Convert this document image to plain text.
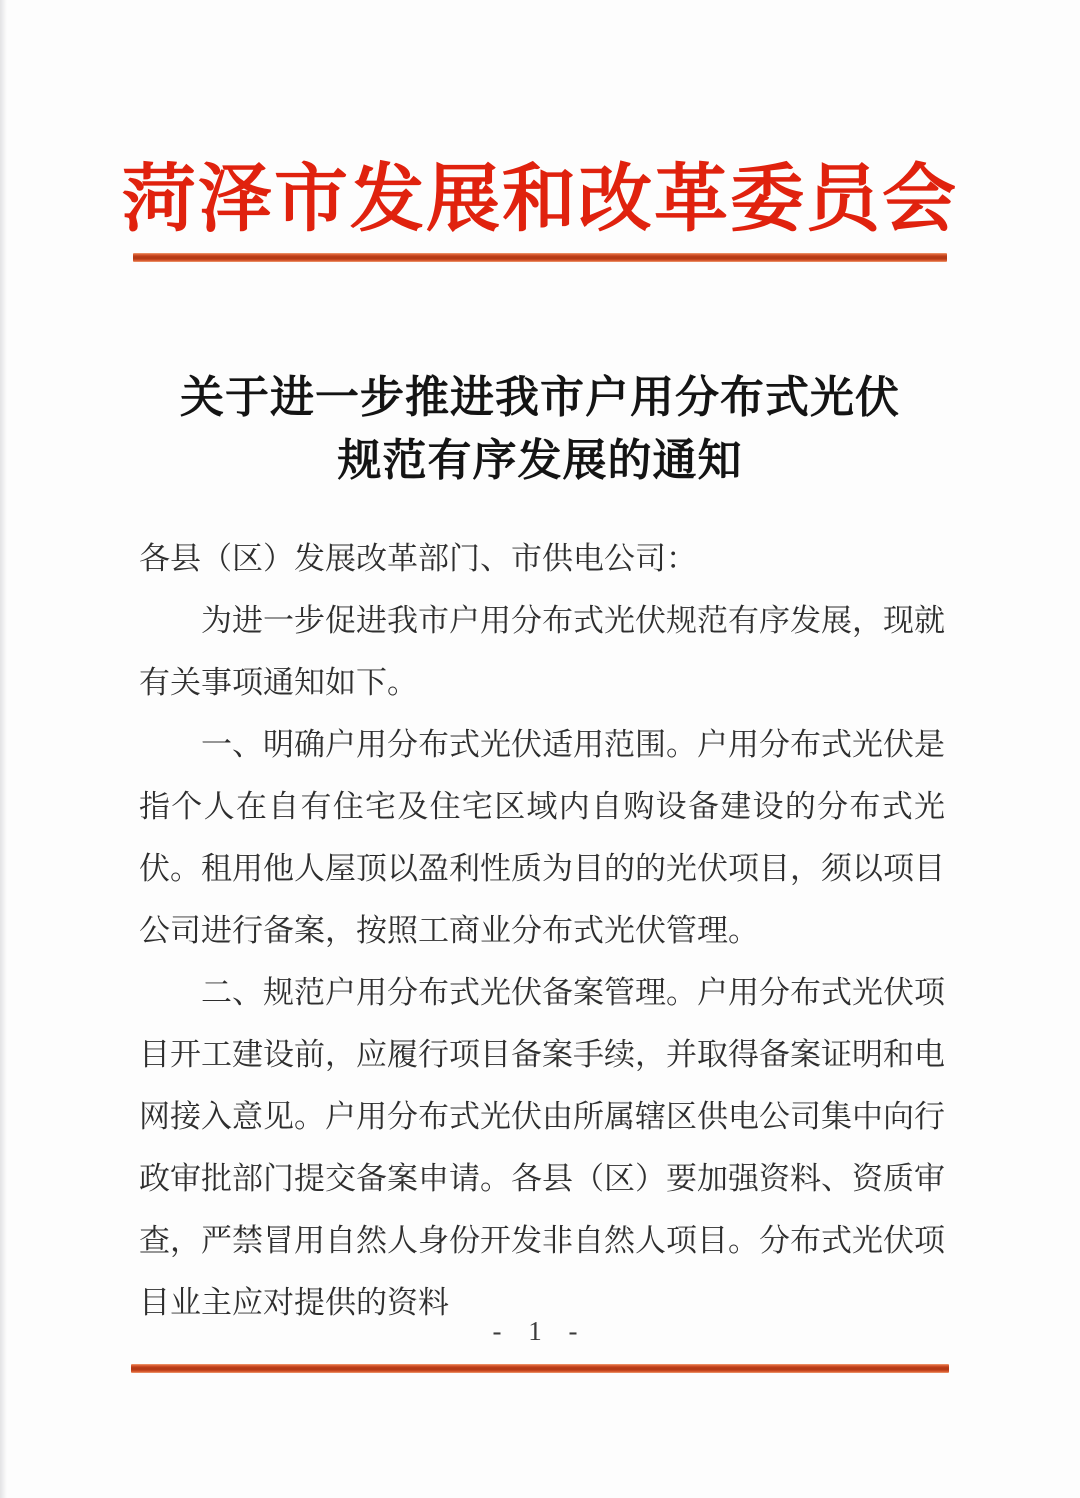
菏泽市发展和改革委员会
关于进一步推进我市户用分布式光伏
规范有序发展的通知

各县（区）发展改革部门、市供电公司：

为进一步促进我市户用分布式光伏规范有序发展，现就有关事项通知如下。

一、明确户用分布式光伏适用范围。户用分布式光伏是指个人在自有住宅及住宅区域内自购设备建设的分布式光伏。租用他人屋顶以盈利性质为目的的光伏项目，须以项目公司进行备案，按照工商业分布式光伏管理。

二、规范户用分布式光伏备案管理。户用分布式光伏项目开工建设前，应履行项目备案手续，并取得备案证明和电网接入意见。户用分布式光伏由所属辖区供电公司集中向行政审批部门提交备案申请。各县（区）要加强资料、资质审查，严禁冒用自然人身份开发非自然人项目。分布式光伏项目业主应对提供的资料

- 1 -
